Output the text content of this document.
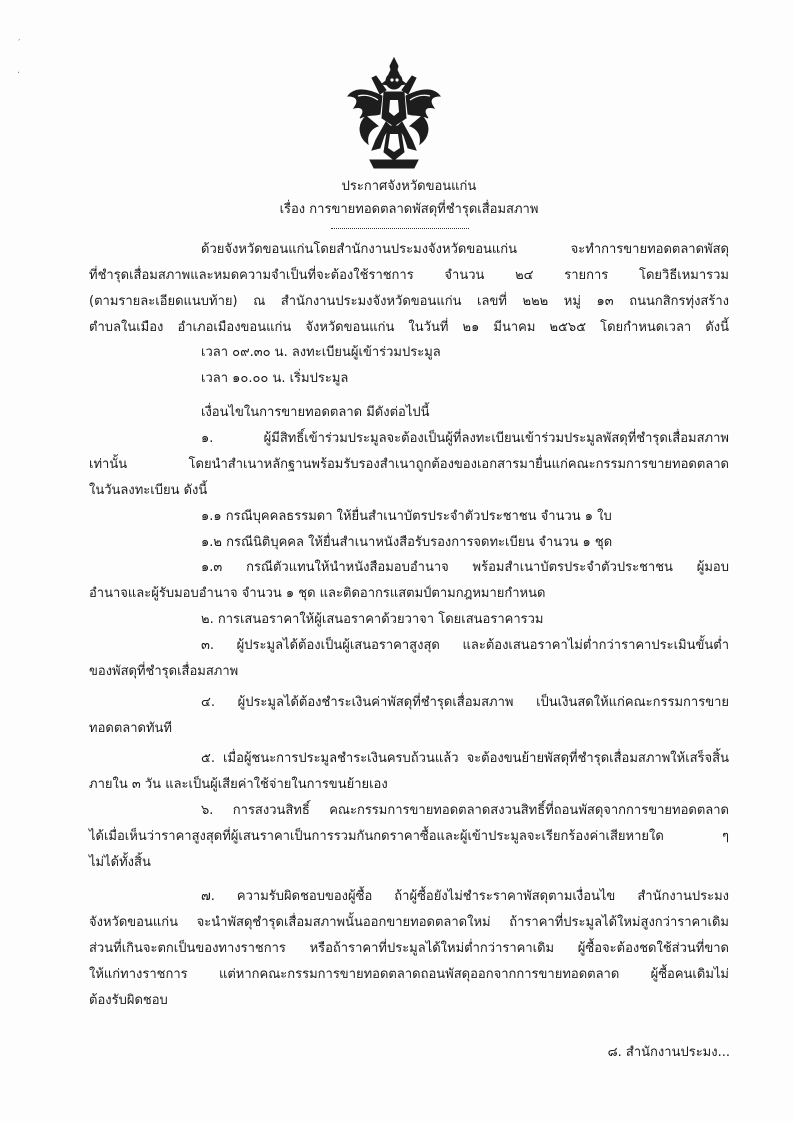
′
·
ประกาศจังหวัดขอนแก่น
เรื่อง การขายทอดตลาดพัสดุที่ชำรุดเสื่อมสภาพ
ด้วยจังหวัดขอนแก่นโดยสำนักงานประมงจังหวัดขอนแก่น จะทำการขายทอดตลาดพัสดุ
ที่ชำรุดเสื่อมสภาพและหมดความจำเป็นที่จะต้องใช้ราชการ จำนวน ๒๔ รายการ โดยวิธีเหมารวม
(ตามรายละเอียดแนบท้าย) ณ สำนักงานประมงจังหวัดขอนแก่น เลขที่ ๒๒๒ หมู่ ๑๓ ถนนกสิกรทุ่งสร้าง
ตำบลในเมือง อำเภอเมืองขอนแก่น จังหวัดขอนแก่น ในวันที่ ๒๑ มีนาคม ๒๕๖๕ โดยกำหนดเวลา ดังนี้
เวลา ๐๙.๓๐ น. ลงทะเบียนผู้เข้าร่วมประมูล
เวลา ๑๐.๐๐ น. เริ่มประมูล
เงื่อนไขในการขายทอดตลาด มีดังต่อไปนี้
๑. ผู้มีสิทธิ์เข้าร่วมประมูลจะต้องเป็นผู้ที่ลงทะเบียนเข้าร่วมประมูลพัสดุที่ชำรุดเสื่อมสภาพ
เท่านั้น โดยนำสำเนาหลักฐานพร้อมรับรองสำเนาถูกต้องของเอกสารมายื่นแก่คณะกรรมการขายทอดตลาด
ในวันลงทะเบียน ดังนี้
๑.๑ กรณีบุคคลธรรมดา ให้ยื่นสำเนาบัตรประจำตัวประชาชน จำนวน ๑ ใบ
๑.๒ กรณีนิติบุคคล ให้ยื่นสำเนาหนังสือรับรองการจดทะเบียน จำนวน ๑ ชุด
๑.๓ กรณีตัวแทนให้นำหนังสือมอบอำนาจ พร้อมสำเนาบัตรประจำตัวประชาชน ผู้มอบ
อำนาจและผู้รับมอบอำนาจ จำนวน ๑ ชุด และติดอากรแสตมป์ตามกฎหมายกำหนด
๒. การเสนอราคาให้ผู้เสนอราคาด้วยวาจา โดยเสนอราคารวม
๓. ผู้ประมูลได้ต้องเป็นผู้เสนอราคาสูงสุด และต้องเสนอราคาไม่ต่ำกว่าราคาประเมินขั้นต่ำ
ของพัสดุที่ชำรุดเสื่อมสภาพ
๔. ผู้ประมูลได้ต้องชำระเงินค่าพัสดุที่ชำรุดเสื่อมสภาพ เป็นเงินสดให้แก่คณะกรรมการขาย
ทอดตลาดทันที
๕. เมื่อผู้ชนะการประมูลชำระเงินครบถ้วนแล้ว จะต้องขนย้ายพัสดุที่ชำรุดเสื่อมสภาพให้เสร็จสิ้น
ภายใน ๓ วัน และเป็นผู้เสียค่าใช้จ่ายในการขนย้ายเอง
๖. การสงวนสิทธิ์ คณะกรรมการขายทอดตลาดสงวนสิทธิ์ที่ถอนพัสดุจากการขายทอดตลาด
ได้เมื่อเห็นว่าราคาสูงสุดที่ผู้เสนราคาเป็นการรวมกันกดราคาซื้อและผู้เข้าประมูลจะเรียกร้องค่าเสียหายใด ๆ
ไม่ได้ทั้งสิ้น
๗. ความรับผิดชอบของผู้ซื้อ ถ้าผู้ซื้อยังไม่ชำระราคาพัสดุตามเงื่อนไข สำนักงานประมง
จังหวัดขอนแก่น จะนำพัสดุชำรุดเสื่อมสภาพนั้นออกขายทอดตลาดใหม่ ถ้าราคาที่ประมูลได้ใหม่สูงกว่าราคาเดิม
ส่วนที่เกินจะตกเป็นของทางราชการ หรือถ้าราคาที่ประมูลได้ใหม่ต่ำกว่าราคาเดิม ผู้ซื้อจะต้องชดใช้ส่วนที่ขาด
ให้แก่ทางราชการ แต่หากคณะกรรมการขายทอดตลาดถอนพัสดุออกจากการขายทอดตลาด ผู้ซื้อคนเดิมไม่
ต้องรับผิดชอบ
๘. สำนักงานประมง...
